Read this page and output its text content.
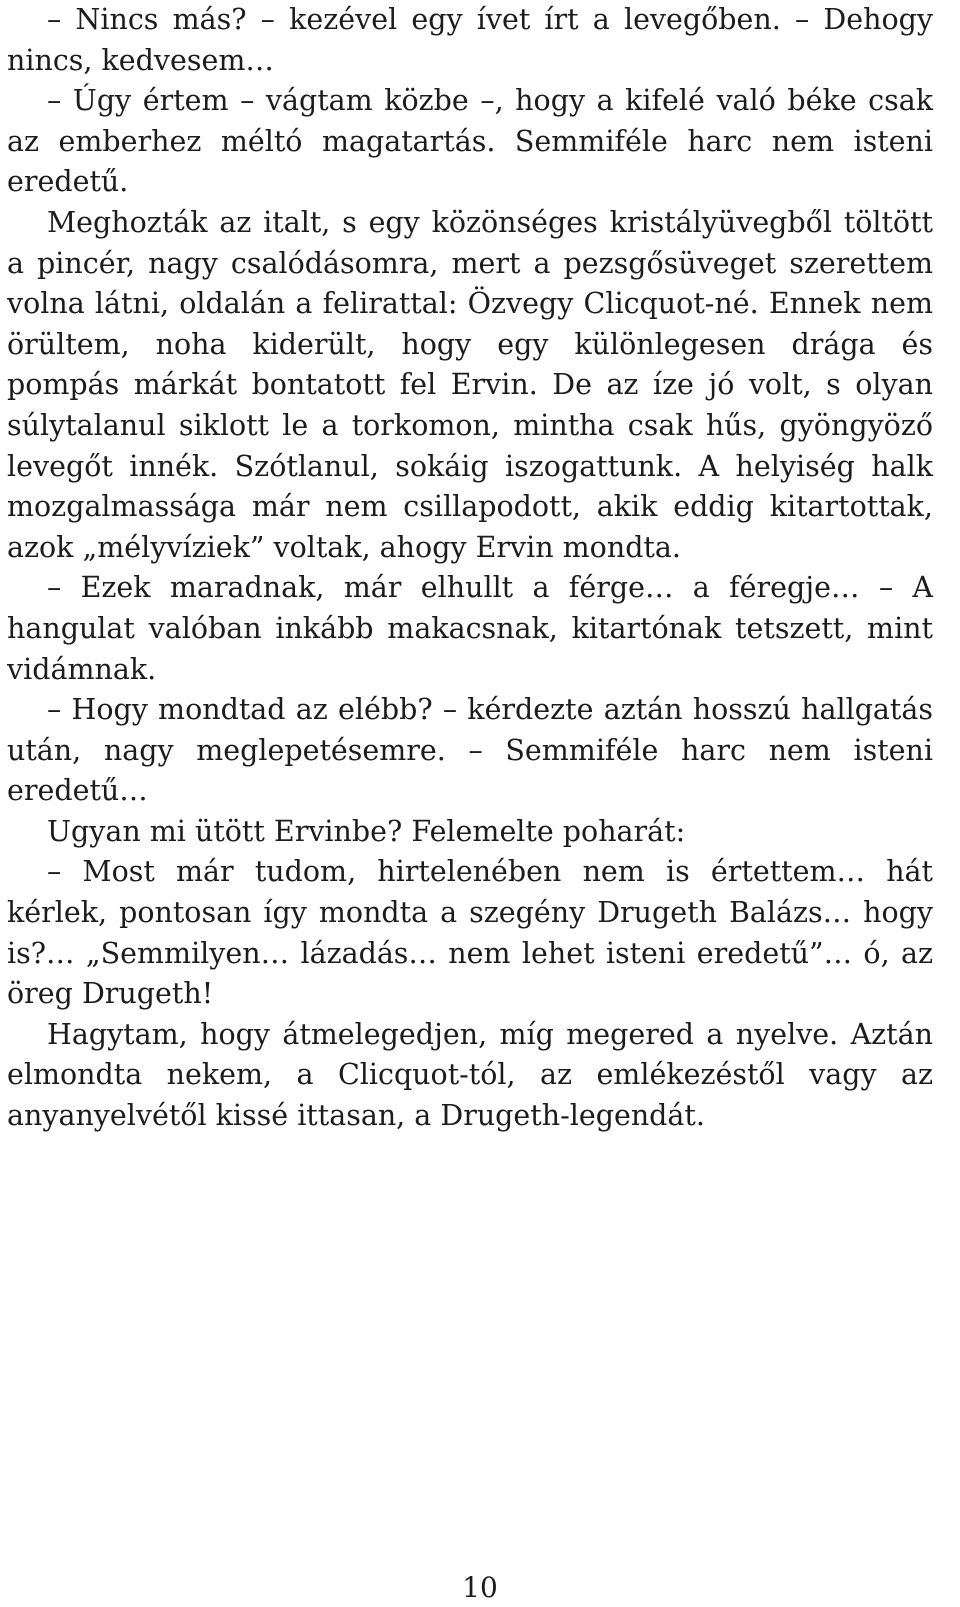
– Nincs más? – kezével egy ívet írt a levegőben. – Dehogy nincs, kedvesem…

– Úgy értem – vágtam közbe –, hogy a kifelé való béke csak az emberhez méltó magatartás. Semmiféle harc nem isteni eredetű.

Meghozták az italt, s egy közönséges kristályüvegből töltött a pincér, nagy csalódásomra, mert a pezsgősüveget szerettem volna látni, oldalán a felirattal: Özvegy Clicquot-né. Ennek nem örültem, noha kiderült, hogy egy különlegesen drága és pompás márkát bontatott fel Ervin. De az íze jó volt, s olyan súlytalanul siklott le a torkomon, mintha csak hűs, gyöngyöző levegőt innék. Szótlanul, sokáig iszogattunk. A helyiség halk mozgalmassága már nem csillapodott, akik eddig kitartottak, azok „mélyvíziek” voltak, ahogy Ervin mondta.

– Ezek maradnak, már elhullt a férge… a féregje… – A hangulat valóban inkább makacsnak, kitartónak tetszett, mint vidámnak.

– Hogy mondtad az elébb? – kérdezte aztán hosszú hallgatás után, nagy meglepetésemre. – Semmiféle harc nem isteni eredetű…

Ugyan mi ütött Ervinbe? Felemelte poharát:

– Most már tudom, hirtelenében nem is értettem… hát kérlek, pontosan így mondta a szegény Drugeth Balázs… hogy is?… „Semmilyen… lázadás… nem lehet isteni eredetű”… ó, az öreg Drugeth!

Hagytam, hogy átmelegedjen, míg megered a nyelve. Aztán elmondta nekem, a Clicquot-tól, az emlékezéstől vagy az anyanyelvétől kissé ittasan, a Drugeth-legendát.

10
